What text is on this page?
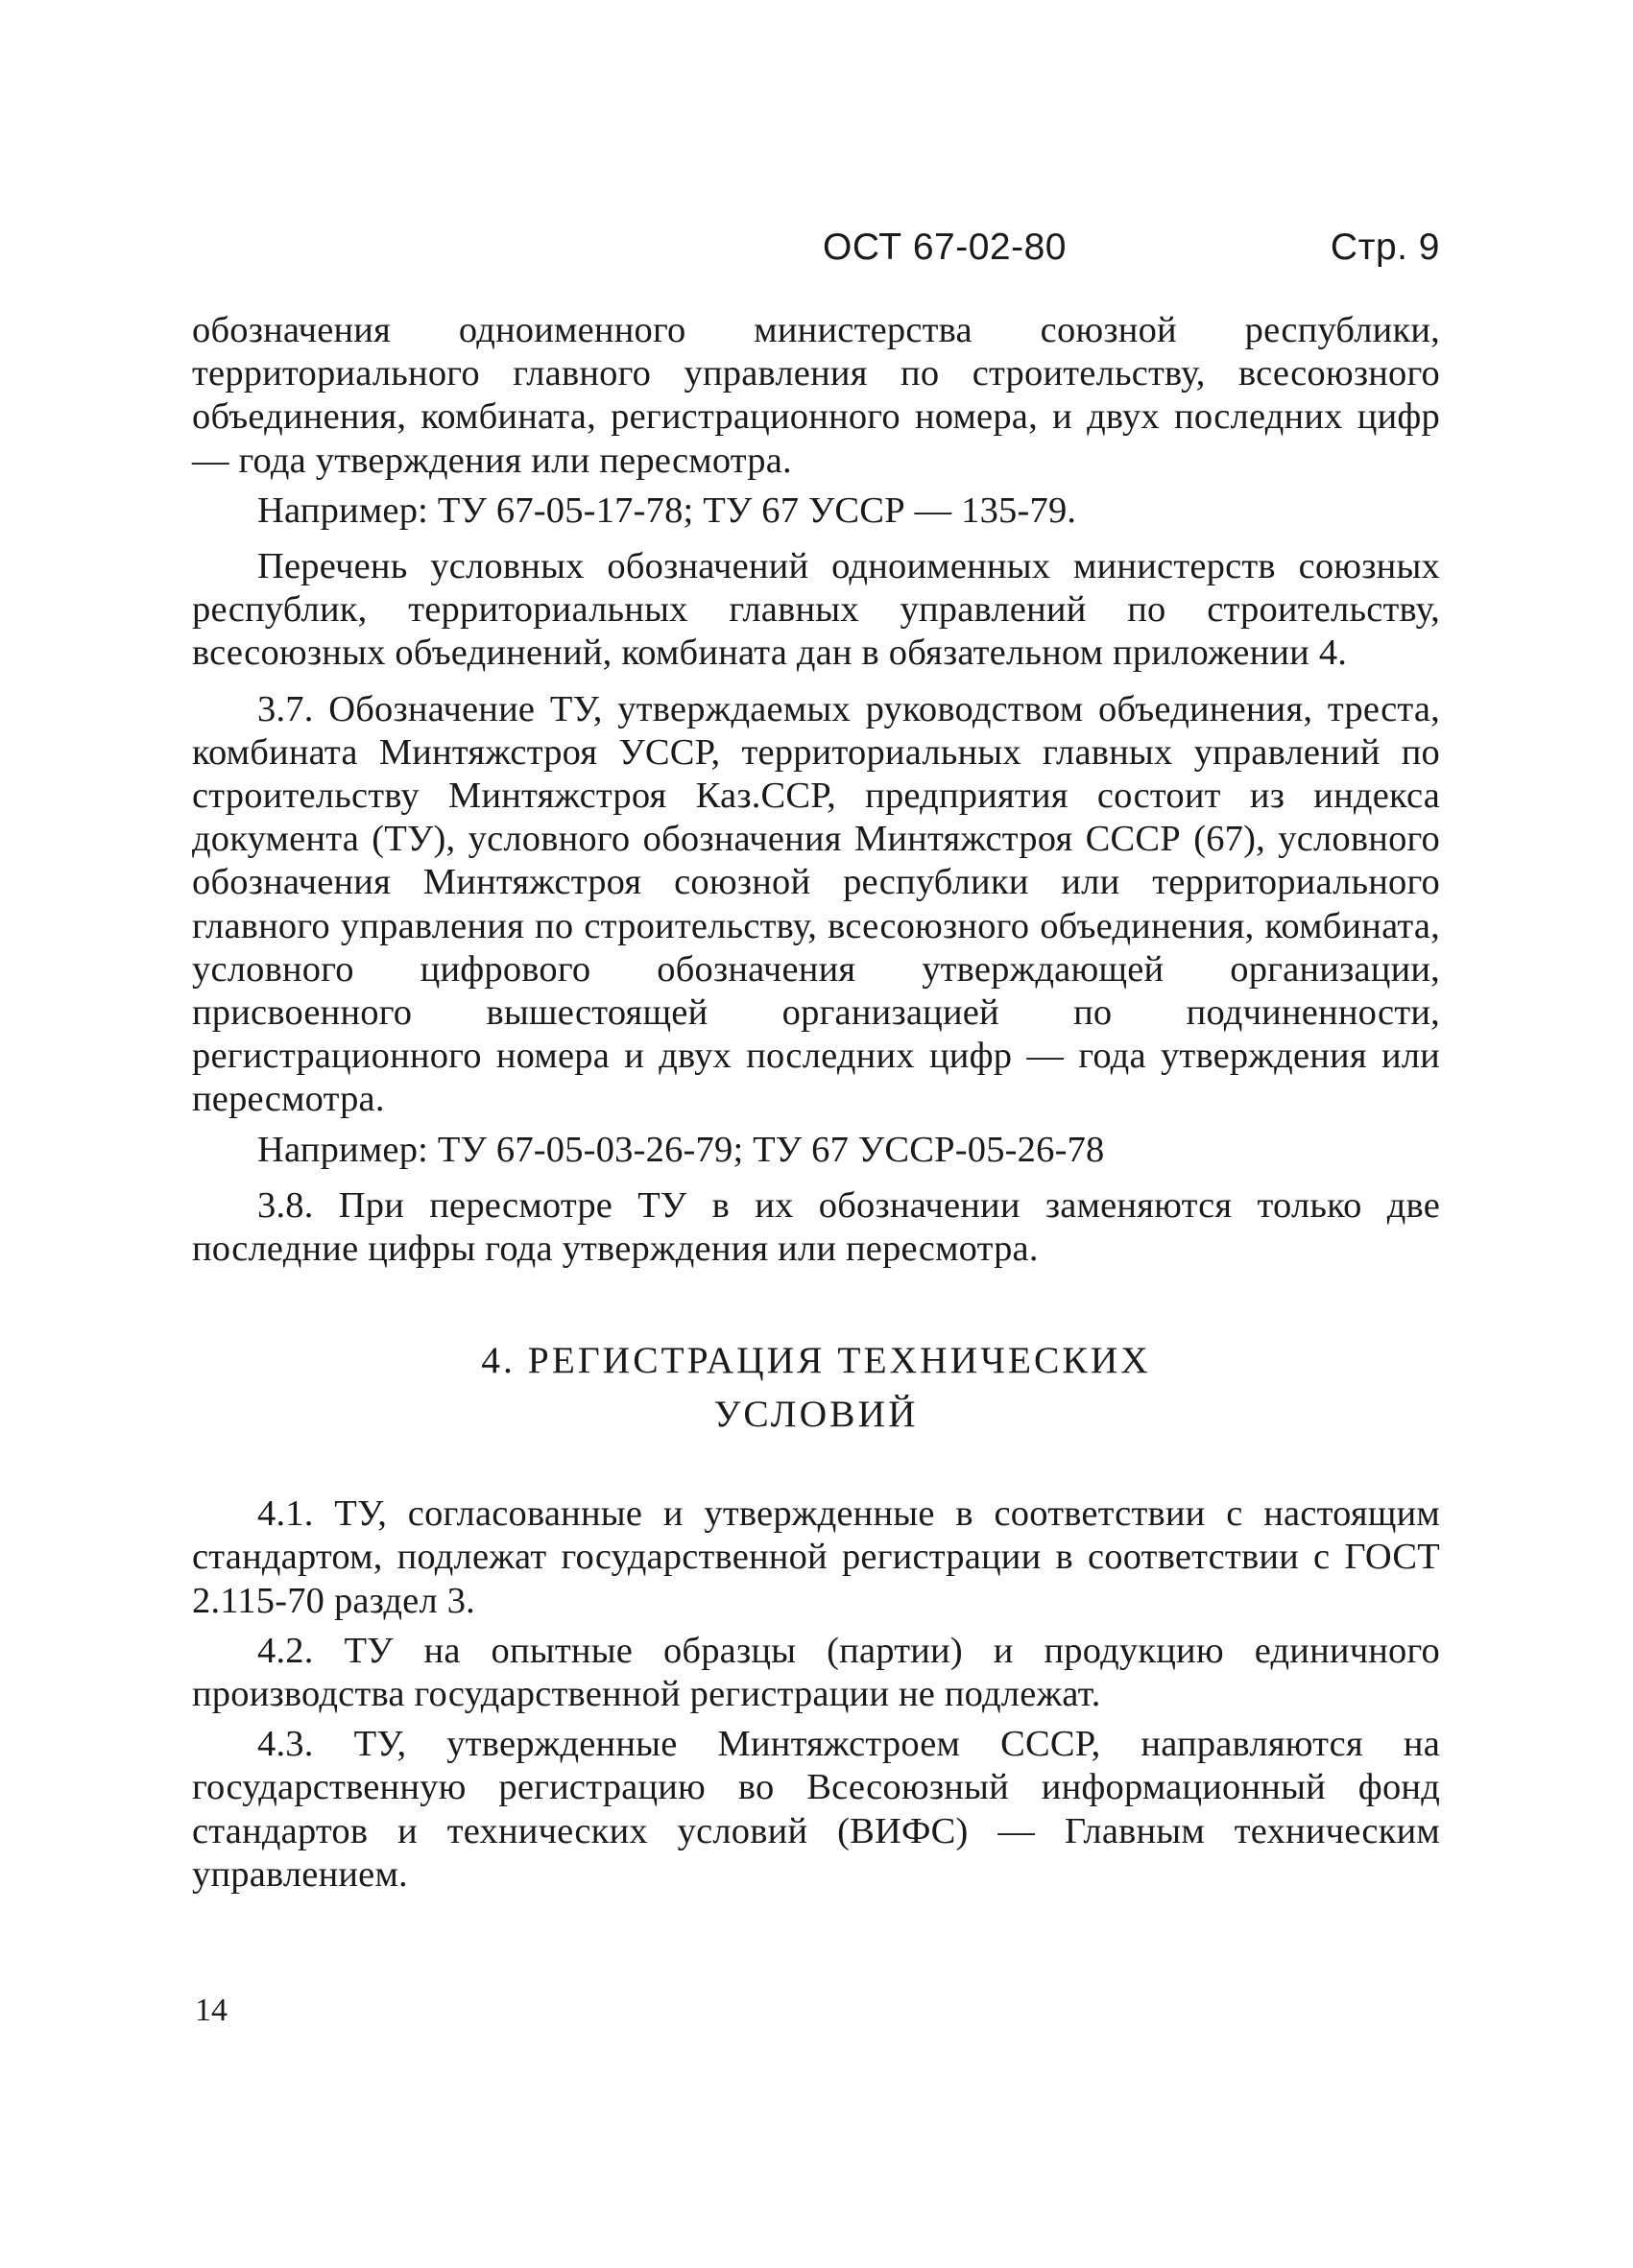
ОСТ 67-02-80	Стр. 9

обозначения одноименного министерства союзной республики, территориального главного управления по строительству, всесоюзного объединения, комбината, регистрационного номера, и двух последних цифр — года утверждения или пересмотра.

Например: ТУ 67-05-17-78; ТУ 67 УССР — 135-79.

Перечень условных обозначений одноименных министерств союзных республик, территориальных главных управлений по строительству, всесоюзных объединений, комбината дан в обязательном приложении 4.

3.7. Обозначение ТУ, утверждаемых руководством объединения, треста, комбината Минтяжстроя УССР, территориальных главных управлений по строительству Минтяжстроя Каз.ССР, предприятия состоит из индекса документа (ТУ), условного обозначения Минтяжстроя СССР (67), условного обозначения Минтяжстроя союзной республики или территориального главного управления по строительству, всесоюзного объединения, комбината, условного цифрового обозначения утверждающей организации, присвоенного вышестоящей организацией по подчиненности, регистрационного номера и двух последних цифр — года утверждения или пересмотра.

Например: ТУ 67-05-03-26-79; ТУ 67 УССР-05-26-78

3.8. При пересмотре ТУ в их обозначении заменяются только две последние цифры года утверждения или пересмотра.

4. РЕГИСТРАЦИЯ ТЕХНИЧЕСКИХ
УСЛОВИЙ

4.1. ТУ, согласованные и утвержденные в соответствии с настоящим стандартом, подлежат государственной регистрации в соответствии с ГОСТ 2.115-70 раздел 3.

4.2. ТУ на опытные образцы (партии) и продукцию единичного производства государственной регистрации не подлежат.

4.3. ТУ, утвержденные Минтяжстроем СССР, направляются на государственную регистрацию во Всесоюзный информационный фонд стандартов и технических условий (ВИФС) — Главным техническим управлением.

14
